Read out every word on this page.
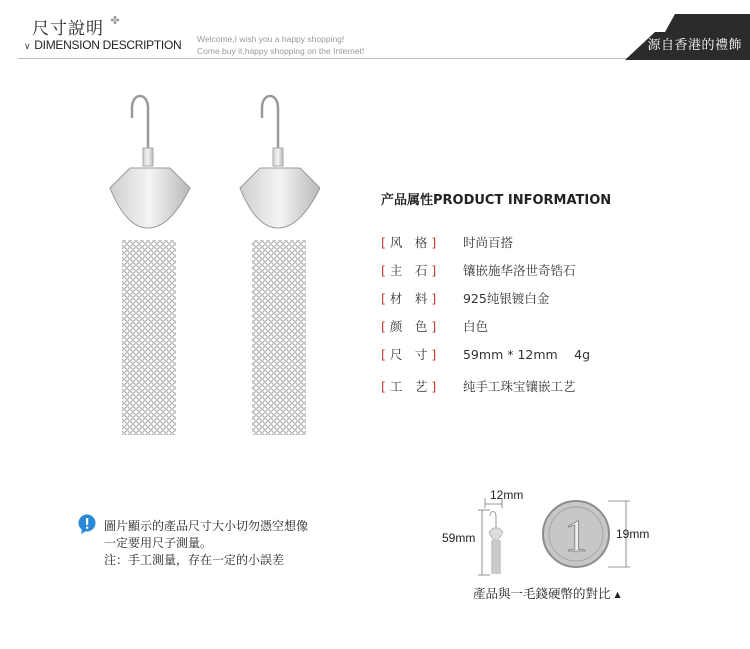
尺寸說明 ✤
∨ DIMENSION DESCRIPTION Welcome,I wish you a happy shopping!
Come buy it,happy shopping on the Internet!	源自香港的禮飾
产品属性PRODUCT INFORMATION
[ 风　格 ] 时尚百搭
[ 主　石 ] 镶嵌施华洛世奇锆石
[ 材　料 ] 925纯银镀白金
[ 颜　色 ] 白色
[ 尺　寸 ] 59mm * 12mm　 4g
[ 工　艺 ] 纯手工珠宝镶嵌工艺
圖片顯示的產品尺寸大小切勿憑空想像
一定要用尺子測量。
注：手工測量，存在一定的小誤差
12mm
59mm 1 19mm
產品與一毛錢硬幣的對比 ▲
